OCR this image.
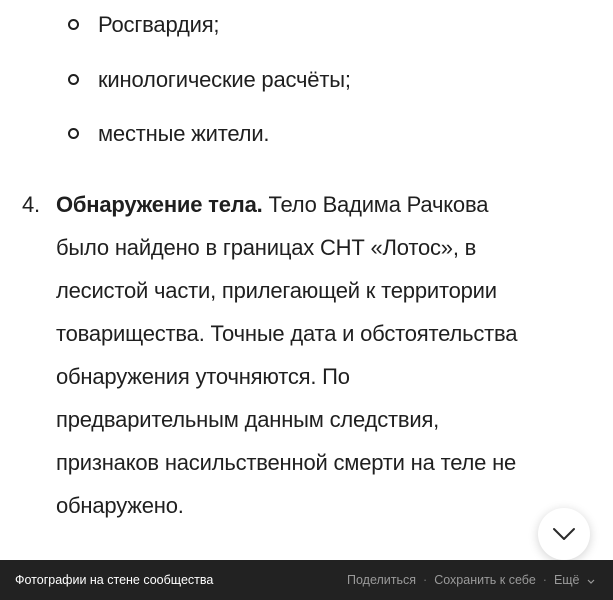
Росгвардия;
кинологические расчёты;
местные жители.
4. Обнаружение тела. Тело Вадима Рачкова
было найдено в границах СНТ «Лотос», в
лесистой части, прилегающей к территории
товарищества. Точные дата и обстоятельства
обнаружения уточняются. По
предварительным данным следствия,
признаков насильственной смерти на теле не
обнаружено.
Фотографии на стене сообщества	Поделиться · Сохранить к себе · Ещё
